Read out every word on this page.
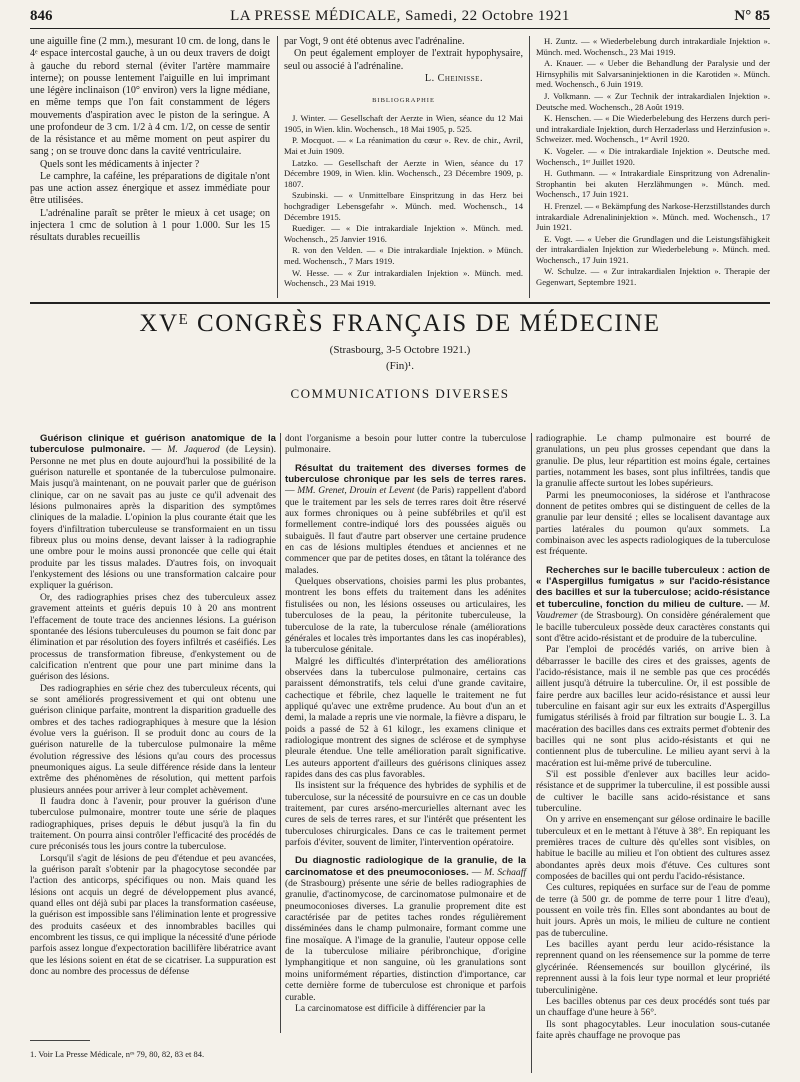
846	LA PRESSE MÉDICALE, Samedi, 22 Octobre 1921	N° 85

une aiguille fine (2 mm.), mesurant 10 cm. de long, dans le 4ᵉ espace intercostal gauche, à un ou deux travers de doigt à gauche du rebord sternal (éviter l'artère mammaire interne); on pousse lentement l'aiguille en lui imprimant une légère inclinaison (10° environ) vers la ligne médiane, en même temps que l'on fait constamment de légers mouvements d'aspiration avec le piston de la seringue. A une profondeur de 3 cm. 1/2 à 4 cm. 1/2, on cesse de sentir de la résistance et au même moment on peut aspirer du sang ; on se trouve donc dans la cavité ventriculaire.

Quels sont les médicaments à injecter ?

Le camphre, la caféine, les préparations de digitale n'ont pas une action assez énergique et assez immédiate pour être utilisées.

L'adrénaline paraît se prêter le mieux à cet usage; on injectera 1 cmc de solution à 1 pour 1.000. Sur les 15 résultats durables recueillis

par Vogt, 9 ont été obtenus avec l'adrénaline.

On peut également employer de l'extrait hypophysaire, seul ou associé à l'adrénaline.

L. Cheinisse.
BIBLIOGRAPHIE

J. Winter. — Gesellschaft der Aerzte in Wien, séance du 12 Mai 1905, in Wien. klin. Wochensch., 18 Mai 1905, p. 525.

P. Mocquot. — « La réanimation du cœur ». Rev. de chir., Avril, Mai et Juin 1909.

Latzko. — Gesellschaft der Aerzte in Wien, séance du 17 Décembre 1909, in Wien. klin. Wochensch., 23 Décembre 1909, p. 1807.

Szubinski. — « Unmittelbare Einspritzung in das Herz bei hochgradiger Lebensgefahr ». Münch. med. Wochensch., 14 Décembre 1915.

Ruediger. — « Die intrakardiale Injektion ». Münch. med. Wochensch., 25 Janvier 1916.

R. von den Velden. — « Die intrakardiale Injektion. » Münch. med. Wochensch., 7 Mars 1919.

W. Hesse. — « Zur intrakardialen Injektion ». Münch. med. Wochensch., 23 Mai 1919.

H. Zuntz. — « Wiederbelebung durch intrakardiale Injektion ». Münch. med. Wochensch., 23 Mai 1919.

A. Knauer. — « Ueber die Behandlung der Paralysie und der Hirnsyphilis mit Salvarsaninjektionen in die Karotiden ». Münch. med. Wochensch., 6 Juin 1919.

J. Volkmann. — « Zur Technik der intrakardialen Injektion ». Deutsche med. Wochensch., 28 Août 1919.

K. Henschen. — « Die Wiederbelebung des Herzens durch peri- und intrakardiale Injektion, durch Herzaderlass und Herzinfusion ». Schweizer. med. Wochensch., 1ᵉʳ Avril 1920.

K. Vogeler. — « Die intrakardiale Injektion ». Deutsche med. Wochensch., 1ᵉʳ Juillet 1920.

H. Guthmann. — « Intrakardiale Einspritzung von Adrenalin-Strophantin bei akuten Herzlähmungen ». Münch. med. Wochensch., 17 Juin 1921.

H. Frenzel. — « Bekämpfung des Narkose-Herzstillstandes durch intrakardiale Adrenalininjektion ». Münch. med. Wochensch., 17 Juin 1921.

E. Vogt. — « Ueber die Grundlagen und die Leistungsfähigkeit der intrakardialen Injektion zur Wiederbelebung ». Münch. med. Wochensch., 17 Juin 1921.

W. Schulze. — « Zur intrakardialen Injektion ». Therapie der Gegenwart, Septembre 1921.

XVᴱ CONGRÈS FRANÇAIS DE MÉDECINE
(Strasbourg, 3-5 Octobre 1921.)
(Fin)¹.
COMMUNICATIONS DIVERSES

Guérison clinique et guérison anatomique de la tuberculose pulmonaire. — M. Jaquerod (de Leysin). Personne ne met plus en doute aujourd'hui la possibilité de la guérison naturelle et spontanée de la tuberculose pulmonaire. Mais jusqu'à maintenant, on ne pouvait parler que de guérison clinique, car on ne savait pas au juste ce qu'il advenait des lésions pulmonaires après la disparition des symptômes cliniques de la maladie. L'opinion la plus courante était que les foyers d'infiltration tuberculeuse se transformaient en un tissu fibreux plus ou moins dense, devant laisser à la radiographie une ombre pour le moins aussi prononcée que celle qui était produite par les tissus malades. D'autres fois, on invoquait l'enkystement des lésions ou une transformation calcaire pour expliquer la guérison.

Or, des radiographies prises chez des tuberculeux assez gravement atteints et guéris depuis 10 à 20 ans montrent l'effacement de toute trace des anciennes lésions. La guérison spontanée des lésions tuberculeuses du poumon se fait donc par élimination et par résolution des foyers infiltrés et caséifiés. Les processus de transformation fibreuse, d'enkystement ou de calcification n'entrent que pour une part minime dans la guérison des lésions.

Des radiographies en série chez des tuberculeux récents, qui se sont améliorés progressivement et qui ont obtenu une guérison clinique parfaite, montrent la disparition graduelle des ombres et des taches radiographiques à mesure que la lésion évolue vers la guérison. Il se produit donc au cours de la guérison naturelle de la tuberculose pulmonaire la même évolution régressive des lésions qu'au cours des processus pneumoniques aigus. La seule différence réside dans la lenteur extrême des phénomènes de résolution, qui mettent parfois plusieurs années pour arriver à leur complet achèvement.

Il faudra donc à l'avenir, pour prouver la guérison d'une tuberculose pulmonaire, montrer toute une série de plaques radiographiques, prises depuis le début jusqu'à la fin du traitement. On pourra ainsi contrôler l'efficacité des procédés de cure préconisés tous les jours contre la tuberculose.

Lorsqu'il s'agit de lésions de peu d'étendue et peu avancées, la guérison paraît s'obtenir par la phagocytose secondée par l'action des anticorps, spécifiques ou non. Mais quand les lésions ont acquis un degré de développement plus avancé, quand elles ont déjà subi par places la transformation caséeuse, la guérison est impossible sans l'élimination lente et progressive des produits caséeux et des innombrables bacilles qui encombrent les tissus, ce qui implique la nécessité d'une période parfois assez longue d'expectoration bacillifère libératrice avant que les lésions soient en état de se cicatriser. La suppuration est donc au nombre des processus de défense

dont l'organisme a besoin pour lutter contre la tuberculose pulmonaire.

Résultat du traitement des diverses formes de tuberculose chronique par les sels de terres rares. — MM. Grenet, Drouin et Levent (de Paris) rappellent d'abord que le traitement par les sels de terres rares doit être réservé aux formes chroniques ou à peine subfébriles et qu'il est formellement contre-indiqué lors des poussées aiguës ou subaiguës. Il faut d'autre part observer une certaine prudence en cas de lésions multiples étendues et anciennes et ne commencer que par de petites doses, en tâtant la tolérance des malades.

Quelques observations, choisies parmi les plus probantes, montrent les bons effets du traitement dans les adénites fistulisées ou non, les lésions osseuses ou articulaires, les tuberculoses de la peau, la péritonite tuberculeuse, la tuberculose de la rate, la tuberculose rénale (améliorations générales et locales très importantes dans les cas inopérables), la tuberculose génitale.

Malgré les difficultés d'interprétation des améliorations observées dans la tuberculose pulmonaire, certains cas paraissent démonstratifs, tels celui d'une grande cavitaire, cachectique et fébrile, chez laquelle le traitement ne fut appliqué qu'avec une extrême prudence. Au bout d'un an et demi, la malade a repris une vie normale, la fièvre a disparu, le poids a passé de 52 à 61 kilogr., les examens clinique et radiologique montrent des signes de sclérose et de symphyse pleurale étendue. Une telle amélioration paraît significative. Les auteurs apportent d'ailleurs des guérisons cliniques assez rapides dans des cas plus favorables.

Ils insistent sur la fréquence des hybrides de syphilis et de tuberculose, sur la nécessité de poursuivre en ce cas un double traitement, par cures arséno-mercurielles alternant avec les cures de sels de terres rares, et sur l'intérêt que présentent les tuberculoses chirurgicales. Dans ce cas le traitement permet parfois d'éviter, souvent de limiter, l'intervention opératoire.

Du diagnostic radiologique de la granulie, de la carcinomatose et des pneumoconioses. — M. Schaaff (de Strasbourg) présente une série de belles radiographies de granulie, d'actinomycose, de carcinomatose pulmonaire et de pneumoconioses diverses. La granulie proprement dite est caractérisée par de petites taches rondes régulièrement disséminées dans le champ pulmonaire, formant comme une fine mosaïque. A l'image de la granulie, l'auteur oppose celle de la tuberculose miliaire péribronchique, d'origine lymphangitique et non sanguine, où les granulations sont moins uniformément réparties, distinction d'importance, car cette dernière forme de tuberculose est chronique et parfois curable.

La carcinomatose est difficile à différencier par la

radiographie. Le champ pulmonaire est bourré de granulations, un peu plus grosses cependant que dans la granulie. De plus, leur répartition est moins égale, certaines parties, notamment les bases, sont plus infiltrées, tandis que la granulie affecte surtout les lobes supérieurs.

Parmi les pneumoconioses, la sidérose et l'anthracose donnent de petites ombres qui se distinguent de celles de la granulie par leur densité ; elles se localisent davantage aux parties latérales du poumon qu'aux sommets. La combinaison avec les aspects radiologiques de la tuberculose est fréquente.

Recherches sur le bacille tuberculeux : action de « l'Aspergillus fumigatus » sur l'acido-résistance des bacilles et sur la tuberculose; acido-résistance et tuberculine, fonction du milieu de culture. — M. Vaudremer (de Strasbourg). On considère généralement que le bacille tuberculeux possède deux caractères constants qui sont d'être acido-résistant et de produire de la tuberculine.

Par l'emploi de procédés variés, on arrive bien à débarrasser le bacille des cires et des graisses, agents de l'acido-résistance, mais il ne semble pas que ces procédés aillent jusqu'à détruire la tuberculine. Or, il est possible de faire perdre aux bacilles leur acido-résistance et aussi leur tuberculine en faisant agir sur eux les extraits d'Aspergillus fumigatus stérilisés à froid par filtration sur bougie L. 3. La macération des bacilles dans ces extraits permet d'obtenir des bacilles qui ne sont plus acido-résistants et qui ne contiennent plus de tuberculine. Le milieu ayant servi à la macération est lui-même privé de tuberculine.

S'il est possible d'enlever aux bacilles leur acido-résistance et de supprimer la tuberculine, il est possible aussi de cultiver le bacille sans acido-résistance et sans tuberculine.

On y arrive en ensemençant sur gélose ordinaire le bacille tuberculeux et en le mettant à l'étuve à 38°. En repiquant les premières traces de culture dès qu'elles sont visibles, on habitue le bacille au milieu et l'on obtient des cultures assez abondantes après deux mois d'étuve. Ces cultures sont composées de bacilles qui ont perdu l'acido-résistance.

Ces cultures, repiquées en surface sur de l'eau de pomme de terre (à 500 gr. de pomme de terre pour 1 litre d'eau), poussent en voile très fin. Elles sont abondantes au bout de huit jours. Après un mois, le milieu de culture ne contient pas de tuberculine.

Les bacilles ayant perdu leur acido-résistance la reprennent quand on les réensemence sur la pomme de terre glycérinée. Réensemencés sur bouillon glycériné, ils reprennent aussi à la fois leur type normal et leur propriété tuberculinigène.

Les bacilles obtenus par ces deux procédés sont tués par un chauffage d'une heure à 56°.

Ils sont phagocytables. Leur inoculation sous-cutanée faite après chauffage ne provoque pas

1. Voir La Presse Médicale, nᵒˢ 79, 80, 82, 83 et 84.
